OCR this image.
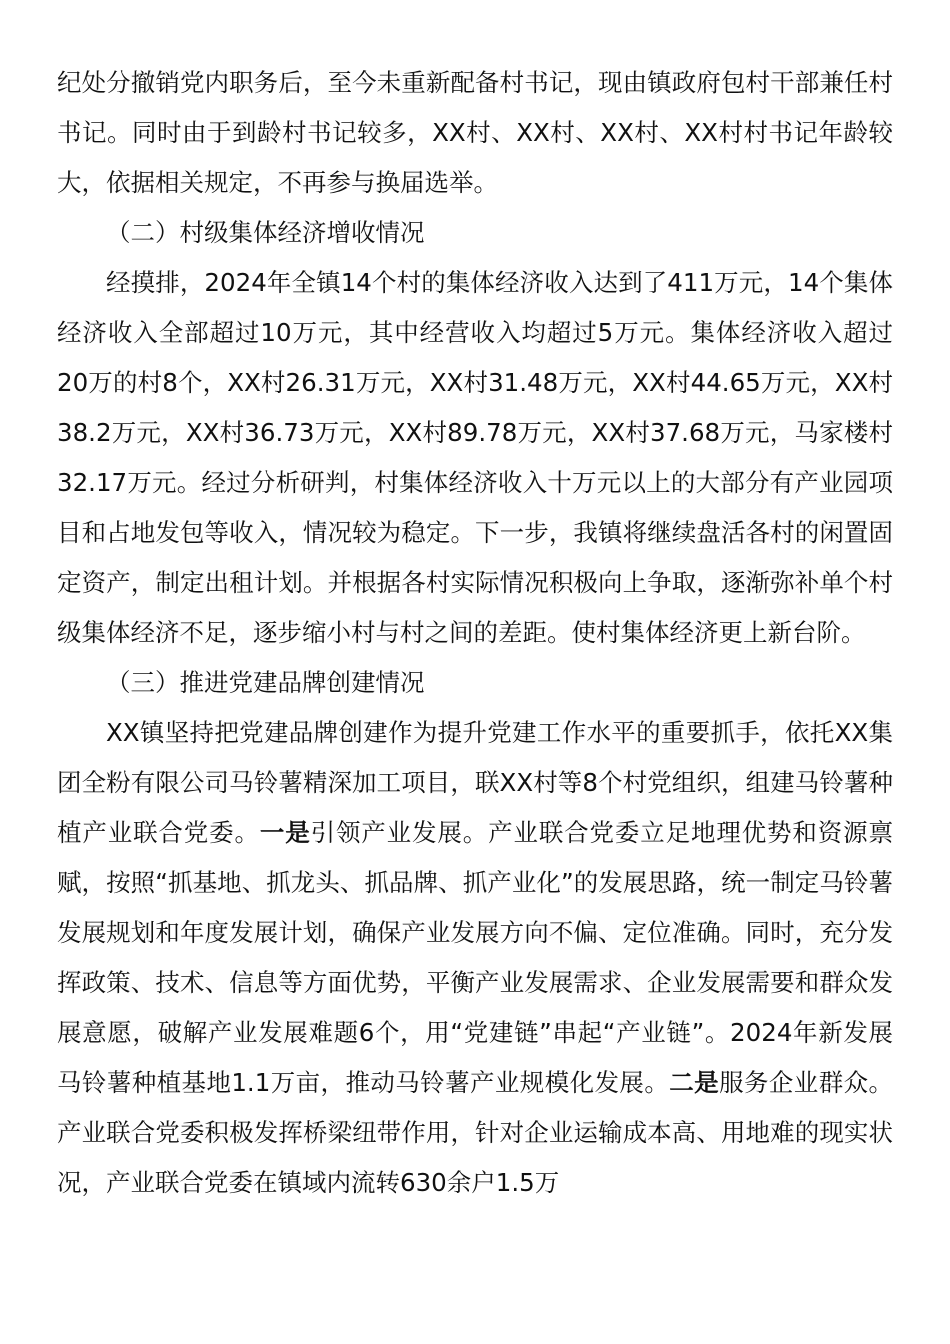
纪处分撤销党内职务后，至今未重新配备村书记，现由镇政府包村干部兼任村书记。同时由于到龄村书记较多，XX村、XX村、XX村、XX村村书记年龄较大，依据相关规定，不再参与换届选举。

（二）村级集体经济增收情况

经摸排，2024年全镇14个村的集体经济收入达到了411万元，14个集体经济收入全部超过10万元，其中经营收入均超过5万元。集体经济收入超过20万的村8个，XX村26.31万元，XX村31.48万元，XX村44.65万元，XX村38.2万元，XX村36.73万元，XX村89.78万元，XX村37.68万元，马家楼村32.17万元。经过分析研判，村集体经济收入十万元以上的大部分有产业园项目和占地发包等收入，情况较为稳定。下一步，我镇将继续盘活各村的闲置固定资产，制定出租计划。并根据各村实际情况积极向上争取，逐渐弥补单个村级集体经济不足，逐步缩小村与村之间的差距。使村集体经济更上新台阶。

（三）推进党建品牌创建情况

XX镇坚持把党建品牌创建作为提升党建工作水平的重要抓手，依托XX集团全粉有限公司马铃薯精深加工项目，联XX村等8个村党组织，组建马铃薯种植产业联合党委。一是引领产业发展。产业联合党委立足地理优势和资源禀赋，按照“抓基地、抓龙头、抓品牌、抓产业化”的发展思路，统一制定马铃薯发展规划和年度发展计划，确保产业发展方向不偏、定位准确。同时，充分发挥政策、技术、信息等方面优势，平衡产业发展需求、企业发展需要和群众发展意愿，破解产业发展难题6个，用“党建链”串起“产业链”。2024年新发展马铃薯种植基地1.1万亩，推动马铃薯产业规模化发展。二是服务企业群众。产业联合党委积极发挥桥梁纽带作用，针对企业运输成本高、用地难的现实状况，产业联合党委在镇域内流转630余户1.5万
